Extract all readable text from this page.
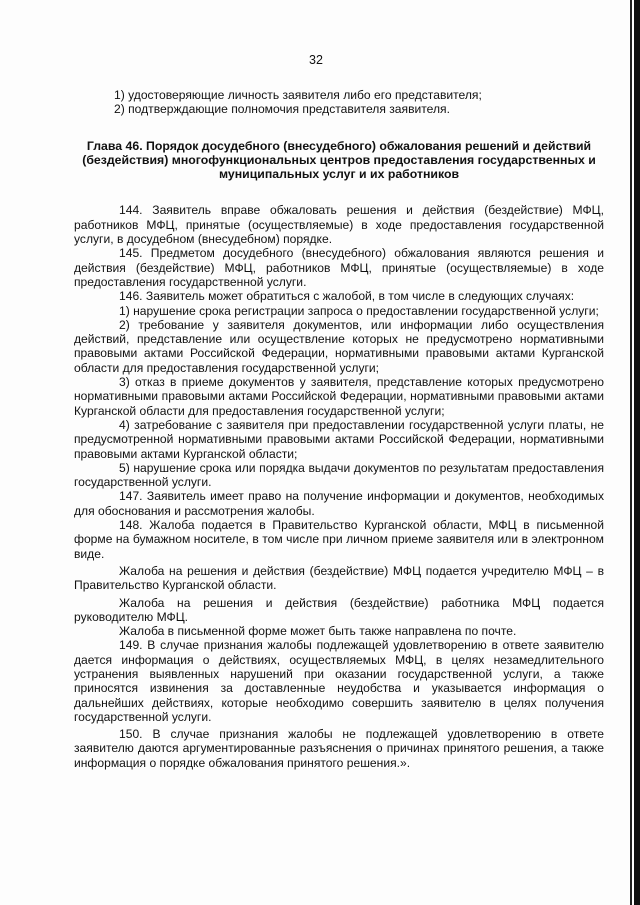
32

1) удостоверяющие личность заявителя либо его представителя;

2) подтверждающие полномочия представителя заявителя.

Глава 46. Порядок досудебного (внесудебного) обжалования решений и действий (бездействия) многофункциональных центров предоставления государственных и муниципальных услуг и их работников

144. Заявитель вправе обжаловать решения и действия (бездействие) МФЦ, работников МФЦ, принятые (осуществляемые) в ходе предоставления государственной услуги, в досудебном (внесудебном) порядке.

145. Предметом досудебного (внесудебного) обжалования являются решения и действия (бездействие) МФЦ, работников МФЦ, принятые (осуществляемые) в ходе предоставления государственной услуги.

146. Заявитель может обратиться с жалобой, в том числе в следующих случаях:

1) нарушение срока регистрации запроса о предоставлении государственной услуги;

2) требование у заявителя документов, или информации либо осуществления действий, представление или осуществление которых не предусмотрено нормативными правовыми актами Российской Федерации, нормативными правовыми актами Курганской области для предоставления государственной услуги;

3) отказ в приеме документов у заявителя, представление которых предусмотрено нормативными правовыми актами Российской Федерации, нормативными правовыми актами Курганской области для предоставления государственной услуги;

4) затребование с заявителя при предоставлении государственной услуги платы, не предусмотренной нормативными правовыми актами Российской Федерации, нормативными правовыми актами Курганской области;

5) нарушение срока или порядка выдачи документов по результатам предоставления государственной услуги.

147. Заявитель имеет право на получение информации и документов, необходимых для обоснования и рассмотрения жалобы.

148. Жалоба подается в Правительство Курганской области, МФЦ в письменной форме на бумажном носителе, в том числе при личном приеме заявителя или в электронном виде.

Жалоба на решения и действия (бездействие) МФЦ подается учредителю МФЦ – в Правительство Курганской области.

Жалоба на решения и действия (бездействие) работника МФЦ подается руководителю МФЦ.

Жалоба в письменной форме может быть также направлена по почте.

149. В случае признания жалобы подлежащей удовлетворению в ответе заявителю дается информация о действиях, осуществляемых МФЦ, в целях незамедлительного устранения выявленных нарушений при оказании государственной услуги, а также приносятся извинения за доставленные неудобства и указывается информация о дальнейших действиях, которые необходимо совершить заявителю в целях получения государственной услуги.

150. В случае признания жалобы не подлежащей удовлетворению в ответе заявителю даются аргументированные разъяснения о причинах принятого решения, а также информация о порядке обжалования принятого решения.».
